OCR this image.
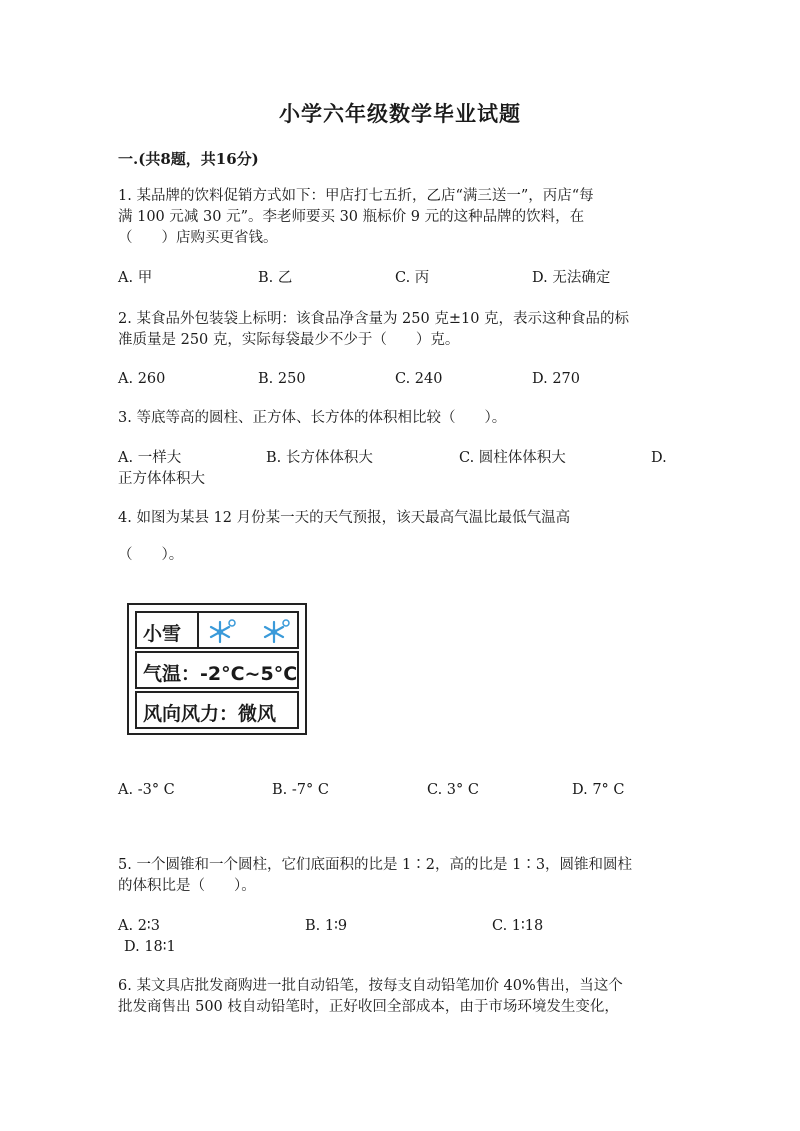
小学六年级数学毕业试题
一.(共8题，共16分)
1. 某品牌的饮料促销方式如下：甲店打七五折，乙店“满三送一”，丙店“每
满 100 元减 30 元”。李老师要买 30 瓶标价 9 元的这种品牌的饮料，在
（　　）店购买更省钱。
A. 甲	B. 乙	C. 丙	D. 无法确定
2. 某食品外包装袋上标明：该食品净含量为 250 克±10 克，表示这种食品的标
准质量是 250 克，实际每袋最少不少于（　　）克。
A. 260	B. 250	C. 240	D. 270
3. 等底等高的圆柱、正方体、长方体的体积相比较（　　）。
A. 一样大	B. 长方体体积大	C. 圆柱体体积大	D.
正方体体积大
4. 如图为某县 12 月份某一天的天气预报，该天最高气温比最低气温高
（　　）。
小雪
气温：-2°C~5°C
风向风力：微风
A. -3° C	B. -7° C	C. 3° C	D. 7° C
5. 一个圆锥和一个圆柱，它们底面积的比是 1∶2，高的比是 1∶3，圆锥和圆柱
的体积比是（　　）。
A. 2∶3	B. 1∶9	C. 1∶18
D. 18∶1
6. 某文具店批发商购进一批自动铅笔，按每支自动铅笔加价 40%售出，当这个
批发商售出 500 枝自动铅笔时，正好收回全部成本，由于市场环境发生变化，
